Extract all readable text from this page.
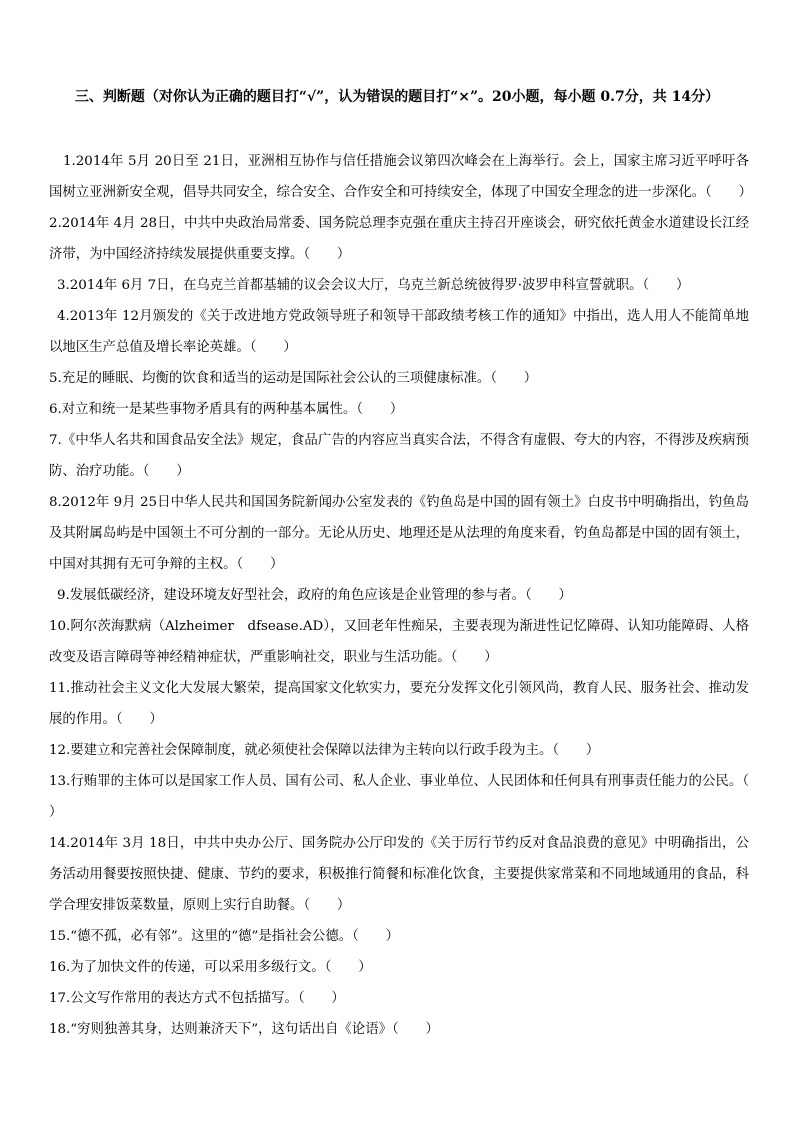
三、判断题（对你认为正确的题目打“√”，认为错误的题目打“×”。20小题，每小题 0.7分，共 14分）

1.2014年 5月 20日至 21日，亚洲相互协作与信任措施会议第四次峰会在上海举行。会上，国家主席习近平呼吁各国树立亚洲新安全观，倡导共同安全，综合安全、合作安全和可持续安全，体现了中国安全理念的进一步深化。（　　）

2.2014年 4月 28日，中共中央政治局常委、国务院总理李克强在重庆主持召开座谈会，研究依托黄金水道建设长江经济带，为中国经济持续发展提供重要支撑。（　　）

3.2014年 6月 7日，在乌克兰首都基辅的议会会议大厅，乌克兰新总统彼得罗·波罗申科宣誓就职。（　　）

4.2013年 12月颁发的《关于改进地方党政领导班子和领导干部政绩考核工作的通知》中指出，选人用人不能简单地以地区生产总值及增长率论英雄。（　　）

5.充足的睡眠、均衡的饮食和适当的运动是国际社会公认的三项健康标准。（　　）

6.对立和统一是某些事物矛盾具有的两种基本属性。（　　）

7.《中华人名共和国食品安全法》规定，食品广告的内容应当真实合法，不得含有虚假、夸大的内容，不得涉及疾病预防、治疗功能。（　　）

8.2012年 9月 25日中华人民共和国国务院新闻办公室发表的《钓鱼岛是中国的固有领土》白皮书中明确指出，钓鱼岛及其附属岛屿是中国领土不可分割的一部分。无论从历史、地理还是从法理的角度来看，钓鱼岛都是中国的固有领土，中国对其拥有无可争辩的主权。（　　）

9.发展低碳经济，建设环境友好型社会，政府的角色应该是企业管理的参与者。（　　）

10.阿尔茨海默病（Alzheimer　dfsease.AD），又回老年性痴呆，主要表现为渐进性记忆障碍、认知功能障碍、人格改变及语言障碍等神经精神症状，严重影响社交，职业与生活功能。（　　）

11.推动社会主义文化大发展大繁荣，提高国家文化软实力，要充分发挥文化引领风尚，教育人民、服务社会、推动发展的作用。（　　）

12.要建立和完善社会保障制度，就必须使社会保障以法律为主转向以行政手段为主。（　　）

13.行贿罪的主体可以是国家工作人员、国有公司、私人企业、事业单位、人民团体和任何具有刑事责任能力的公民。（　　）

14.2014年 3月 18日，中共中央办公厅、国务院办公厅印发的《关于厉行节约反对食品浪费的意见》中明确指出，公务活动用餐要按照快捷、健康、节约的要求，积极推行简餐和标准化饮食，主要提供家常菜和不同地域通用的食品，科学合理安排饭菜数量，原则上实行自助餐。（　　）

15.“德不孤，必有邻”。这里的“德”是指社会公德。（　　）

16.为了加快文件的传递，可以采用多级行文。（　　）

17.公文写作常用的表达方式不包括描写。（　　）

18.“穷则独善其身，达则兼济天下”，这句话出自《论语》（　　）
